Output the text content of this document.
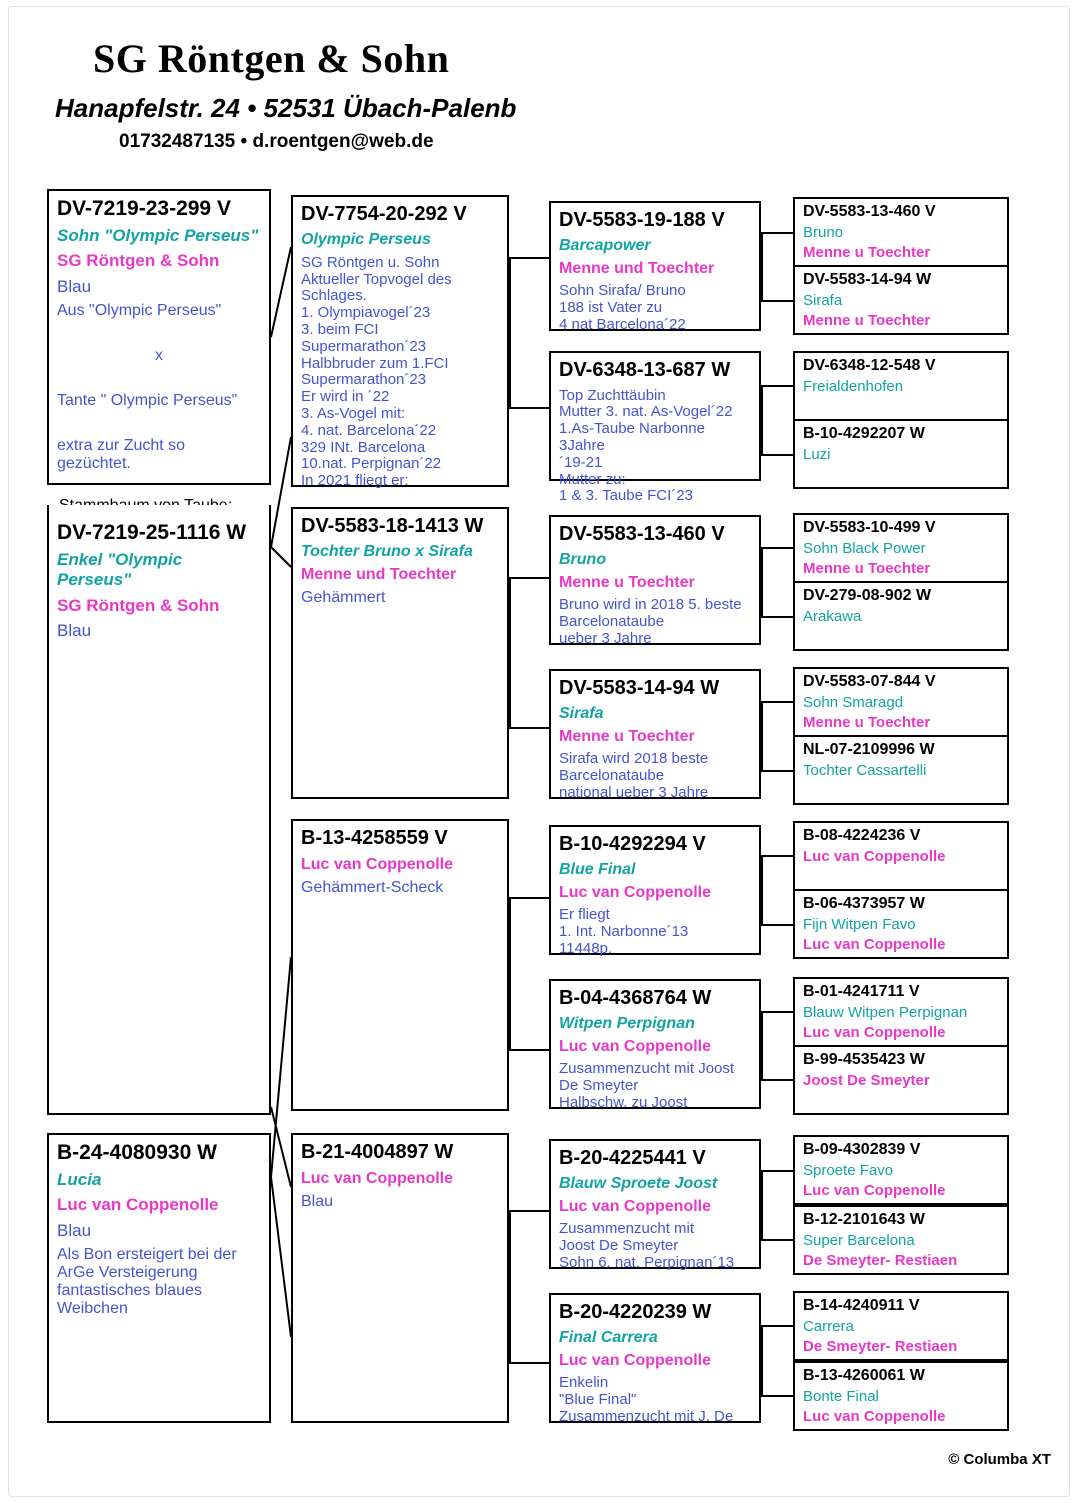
SG Röntgen & Sohn
Hanapfelstr. 24 • 52531 Übach-Palenb
01732487135 • d.roentgen@web.de
DV-7219-23-299 V
Sohn "Olympic Perseus"
SG Röntgen & Sohn
Blau
Aus "Olympic Perseus"
x
Tante " Olympic Perseus"
extra zur Zucht so gezüchtet.
DV-7219-25-1116 W
Enkel "Olympic Perseus"
SG Röntgen & Sohn
Blau
B-24-4080930 W
Lucia
Luc van Coppenolle
Blau
Als Bon ersteigert bei der
ArGe Versteigerung
fantastisches blaues
Weibchen
DV-7754-20-292 V
Olympic Perseus
SG Röntgen u. Sohn
Aktueller Topvogel des
Schlages.
1. Olympiavogel´23
3. beim FCI
Supermarathon´23
Halbbruder zum 1.FCI
Supermarathon´23
Er wird in ´22
3. As-Vogel mit:
4. nat. Barcelona´22
329 INt. Barcelona
10.nat. Perpignan´22
In 2021 fliegt er:
DV-5583-18-1413 W
Tochter Bruno x Sirafa
Menne und Toechter
Gehämmert
B-13-4258559 V
Luc van Coppenolle
Gehämmert-Scheck
B-21-4004897 W
Luc van Coppenolle
Blau
DV-5583-19-188 V
Barcapower
Menne und Toechter
Sohn Sirafa/ Bruno
188 ist Vater zu
4 nat Barcelona´22
DV-6348-13-687 W
Top Zuchttäubin
Mutter 3. nat. As-Vogel´22
1.As-Taube Narbonne 3Jahre
´19-21
Mutter zu:
1 & 3. Taube FCI´23
DV-5583-13-460 V
Bruno
Menne u Toechter
Bruno wird in 2018 5. beste
Barcelonataube
ueber 3 Jahre
DV-5583-14-94 W
Sirafa
Menne u Toechter
Sirafa wird 2018 beste
Barcelonataube
national ueber 3 Jahre
B-10-4292294 V
Blue Final
Luc van Coppenolle
Er fliegt
1. Int. Narbonne´13
11448p.
B-04-4368764 W
Witpen Perpignan
Luc van Coppenolle
Zusammenzucht mit Joost
De Smeyter
Halbschw. zu Joost
B-20-4225441 V
Blauw Sproete Joost
Luc van Coppenolle
Zusammenzucht mit
Joost De Smeyter
Sohn 6. nat. Perpignan´13
B-20-4220239 W
Final Carrera
Luc van Coppenolle
Enkelin
"Blue Final"
Zusammenzucht mit J. De
DV-5583-13-460 V
Bruno
Menne u Toechter
DV-5583-14-94 W
Sirafa
Menne u Toechter
DV-6348-12-548 V
Freialdenhofen
B-10-4292207 W
Luzi
DV-5583-10-499 V
Sohn Black Power
Menne u Toechter
DV-279-08-902 W
Arakawa
DV-5583-07-844 V
Sohn Smaragd
Menne u Toechter
NL-07-2109996 W
Tochter Cassartelli
B-08-4224236 V
Luc van Coppenolle
B-06-4373957 W
Fijn Witpen Favo
Luc van Coppenolle
B-01-4241711 V
Blauw Witpen Perpignan
Luc van Coppenolle
B-99-4535423 W
Joost De Smeyter
B-09-4302839 V
Sproete Favo
Luc van Coppenolle
B-12-2101643 W
Super Barcelona
De Smeyter- Restiaen
B-14-4240911 V
Carrera
De Smeyter- Restiaen
B-13-4260061 W
Bonte Final
Luc van Coppenolle
© Columba XT
